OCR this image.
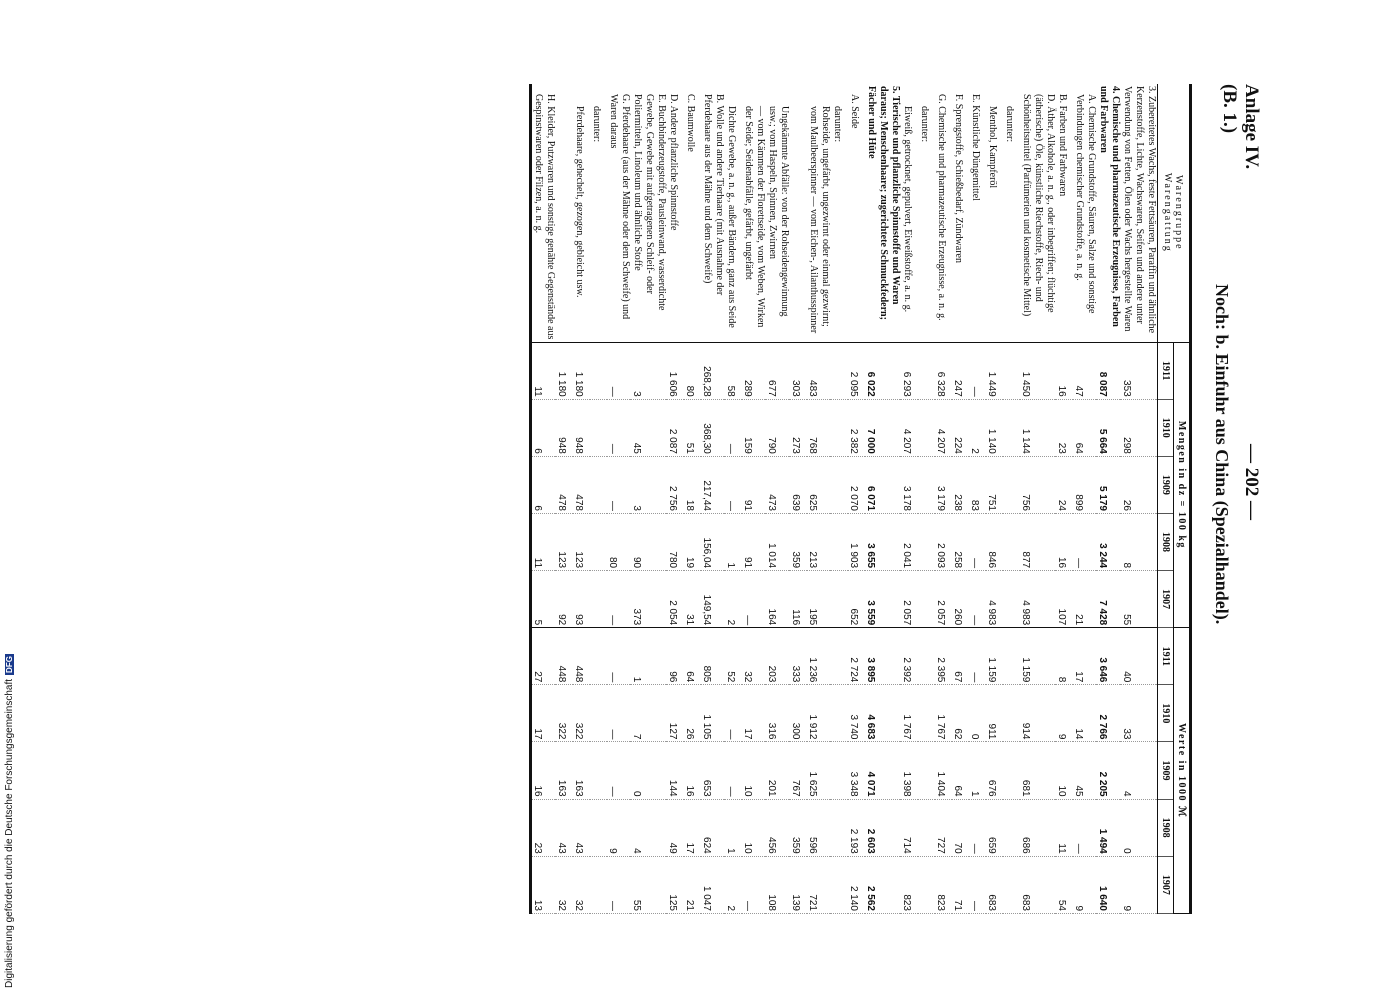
Anlage IV.
(B. 1.)
— 202 —
Noch: b. Einfuhr aus China (Spezialhandel).
Warengruppe
Warengattung	Mengen in dz = 100 kg					Werte in 1000 ℳ				
	1911	1910	1909	1908	1907	1911	1910	1909	1908	1907
3. Zubereitetes Wachs, feste Fettsäuren, Paraffin und ähnliche Kerzenstoffe, Lichte, Wachswaren, Seifen und andere unter Verwendung von Fetten, Ölen oder Wachs hergestellte Waren	353	298	26	8	55	40	33	4	0	9
4. Chemische und pharmazeutische Erzeugnisse, Farben und Farbwaren	8 087	5 664	5 179	3 244	7 428	3 646	2 766	2 205	1 494	1 640
A. Chemische Grundstoffe, Säuren, Salze und sonstige Verbindungen chemischer Grundstoffe, a. n. g.	47	64	899	—	21	17	14	45	—	9
B. Farben und Farbwaren	16	23	24	16	107	8	9	10	11	54
D. Äther, Alkohole, a. n. g., oder inbegriffen; flüchtige (ätherische) Öle, künstliche Riechstoffe, Riech- und Schönheitsmittel (Parfümerien und kosmetische Mittel)	1 450	1 144	756	877	4 983	1 159	914	681	686	683
darunter:										
Menthol, Kampferöl	1 449	1 140	751	846	4 983	1 159	911	676	659	683
E. Künstliche Düngemittel	—	2	83	—	—	—	0	1	—	—
F. Sprengstoffe, Schießbedarf, Zündwaren	247	224	238	258	260	67	62	64	70	71
G. Chemische und pharmazeutische Erzeugnisse, a. n. g.	6 328	4 207	3 179	2 093	2 057	2 395	1 767	1 404	727	823
darunter:										
Eiweiß, getrocknet, gepulvert, Eiweißstoffe, a. n. g.	6 293	4 207	3 178	2 041	2 057	2 392	1 767	1 398	714	823
5. Tierische und pflanzliche Spinnstoffe und Waren daraus; Menschenhaare; zugerichtete Schmuckfedern; Fächer und Hüte	6 022	7 000	6 071	3 655	3 559	3 895	4 683	4 071	2 603	2 562
A. Seide	2 095	2 382	2 070	1 903	652	2 724	3 740	3 348	2 193	2 140
darunter:										
Rohseide, ungefärbt, ungezwirnt oder einmal gezwirnt; vom Maulbeerspinner — vom Eichen-, Ailanthusspinner	483	768	625	213	195	1 236	1 912	1 625	596	721
	303	273	639	359	116	333	300	767	359	139
Ungekämmte Abfälle: von der Rohseidengewinnung usw.; vom Haspeln, Spinnen, Zwirnen	677	790	473	1 014	164	203	316	201	456	108
— vom Kämmen der Florettseide, vom Weben, Wirken der Seide; Seidenabfälle, gefärbt, ungefärbt	289	159	91	91	—	32	17	10	10	—
Dichte Gewebe, a. n. g., außer Bändern, ganz aus Seide	58	—	—	1	2	52	—	—	1	2
B. Wolle und andere Tierhaare (mit Ausnahme der Pferdehaare aus der Mähne und dem Schweife)	268,28	368,30	217,44	156,04	149,54	805	1 105	653	624	1 047
C. Baumwolle	80	51	18	19	31	64	26	16	17	21
D. Andere pflanzliche Spinnstoffe	1 606	2 087	2 756	780	2 054	96	127	144	49	125
E. Buchbinderzeugstoffe, Pausleinwand, wasserdichte Gewebe, Gewebe mit aufgetragenen Schleif- oder Poliermitteln, Linoleum und ähnliche Stoffe	3	45	3	90	373	1	7	0	4	55
G. Pferdehaare (aus der Mähne oder dem Schweife) und Waren daraus	—	—	—	80	—	—	—	—	9	—
darunter:										
Pferdehaare, gehechelt, gezogen, gebleicht usw.	1 180	948	478	123	93	448	322	163	43	32
	1 180	948	478	123	92	448	322	163	43	32
H. Kleider, Putzwaren und sonstige genähte Gegenstände aus Gespinstwaren oder Filzen, a. n. g.	11	6	6	11	5	27	17	16	23	13
Digitalisierung gefördert durch die Deutsche ForschungsgemeinschaftDFG
